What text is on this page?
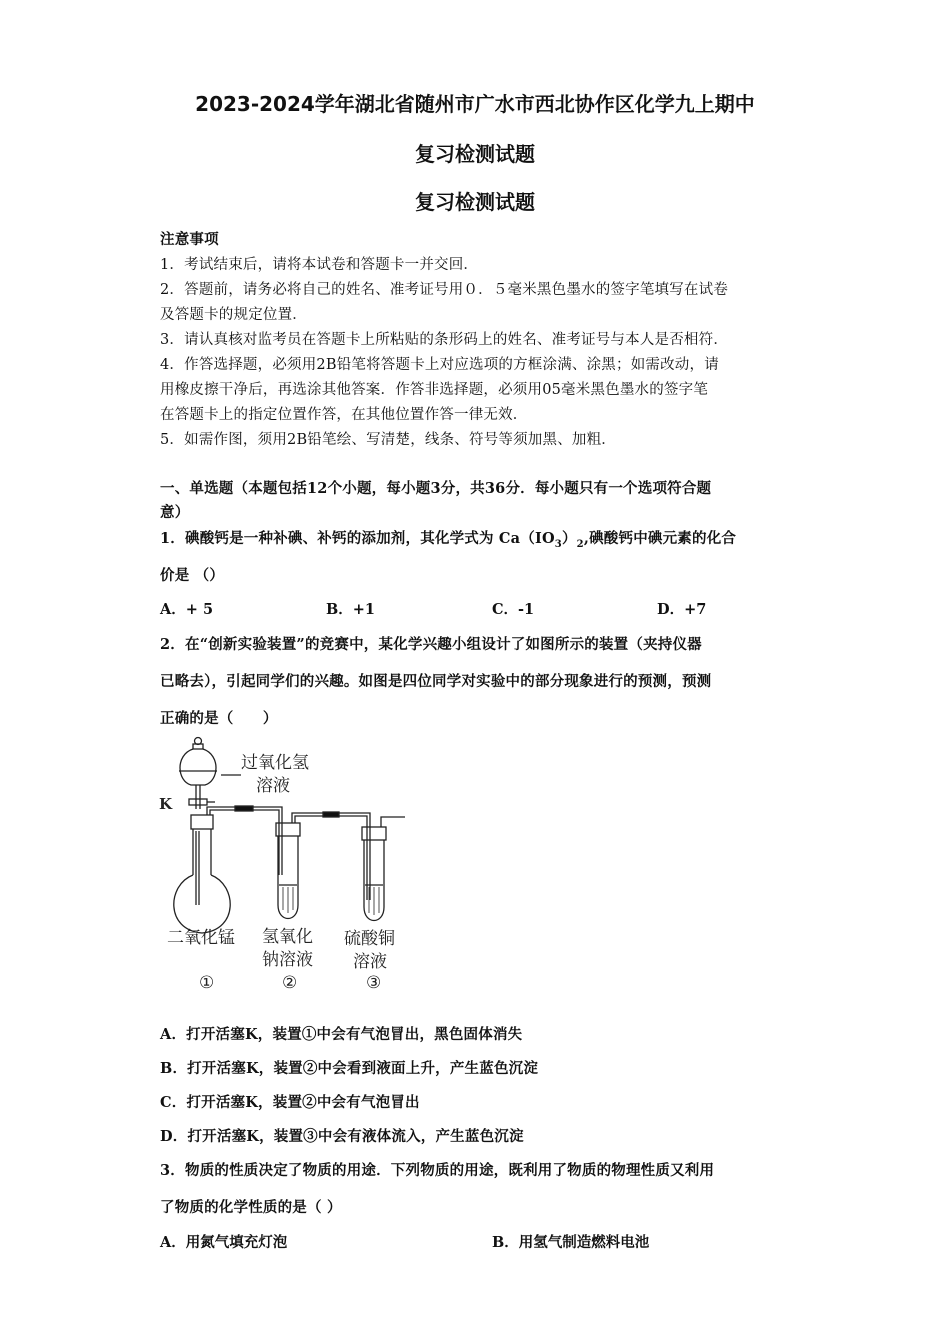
2023-2024学年湖北省随州市广水市西北协作区化学九上期中
复习检测试题
复习检测试题
注意事项
1．考试结束后，请将本试卷和答题卡一并交回．
2．答题前，请务必将自己的姓名、准考证号用０．５毫米黑色墨水的签字笔填写在试卷
及答题卡的规定位置．
3．请认真核对监考员在答题卡上所粘贴的条形码上的姓名、准考证号与本人是否相符．
4．作答选择题，必须用2B铅笔将答题卡上对应选项的方框涂满、涂黑；如需改动，请
用橡皮擦干净后，再选涂其他答案．作答非选择题，必须用05毫米黑色墨水的签字笔
在答题卡上的指定位置作答，在其他位置作答一律无效．
5．如需作图，须用2B铅笔绘、写清楚，线条、符号等须加黑、加粗．
一、单选题（本题包括12个小题，每小题3分，共36分．每小题只有一个选项符合题
意）
1．碘酸钙是一种补碘、补钙的添加剂，其化学式为 $Ca(IO_3)_2$,碘酸钙中碘元素的化合
价是 （）
A．+ 5	B．+1	C．-1	D．+7
2．在“创新实验装置”的竞赛中，某化学兴趣小组设计了如图所示的装置（夹持仪器
已略去），引起同学们的兴趣。如图是四位同学对实验中的部分现象进行的预测，预测
正确的是（　　）
过氧化氢
溶液
K
二氧化锰 氢氧化
钠溶液
硫酸铜
溶液
①	②	③
A．打开活塞K，装置①中会有气泡冒出，黑色固体消失
B．打开活塞K，装置②中会看到液面上升，产生蓝色沉淀
C．打开活塞K，装置②中会有气泡冒出
D．打开活塞K，装置③中会有液体流入，产生蓝色沉淀
3．物质的性质决定了物质的用途．下列物质的用途，既利用了物质的物理性质又利用
了物质的化学性质的是（ ）
A．用氮气填充灯泡	B．用氢气制造燃料电池
